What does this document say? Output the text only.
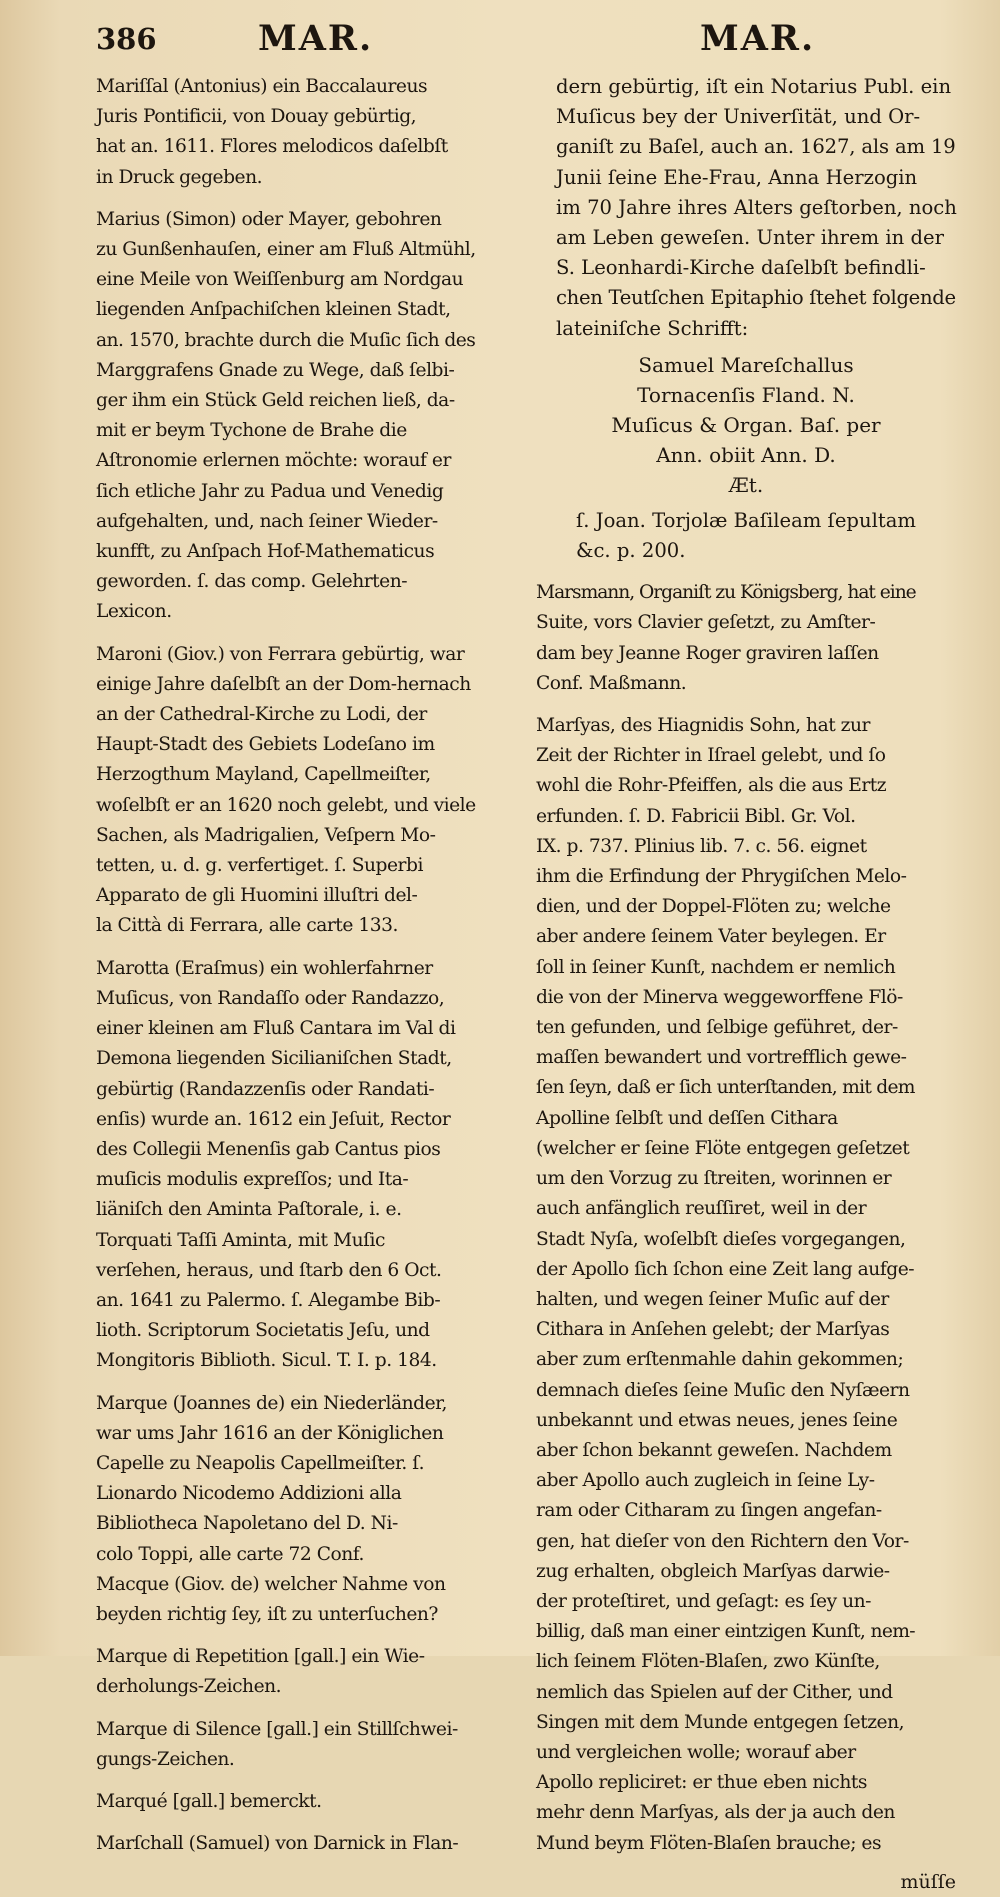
386	MAR.	MAR.
Mariſſal (Antonius) ein Baccalaureus
Juris Pontificii, von Douay gebürtig,
hat an. 1611. Flores melodicos daſelbſt
in Druck gegeben.
Marius (Simon) oder Mayer, gebohren
zu Gunßenhauſen, einer am Fluß Altmühl,
eine Meile von Weiſſenburg am Nordgau
liegenden Anſpachiſchen kleinen Stadt,
an. 1570, brachte durch die Muſic ſich des
Marggrafens Gnade zu Wege, daß ſelbi-
ger ihm ein Stück Geld reichen ließ, da-
mit er beym Tychone de Brahe die
Aſtronomie erlernen möchte: worauf er
ſich etliche Jahr zu Padua und Venedig
aufgehalten, und, nach ſeiner Wieder-
kunfft, zu Anſpach Hof-Mathematicus
geworden. ſ. das comp. Gelehrten-
Lexicon.
Maroni (Giov.) von Ferrara gebürtig, war
einige Jahre daſelbſt an der Dom-hernach
an der Cathedral-Kirche zu Lodi, der
Haupt-Stadt des Gebiets Lodeſano im
Herzogthum Mayland, Capellmeiſter,
woſelbſt er an 1620 noch gelebt, und viele
Sachen, als Madrigalien, Veſpern Mo-
tetten, u. d. g. verfertiget. ſ. Superbi
Apparato de gli Huomini illuſtri del-
la Città di Ferrara, alle carte 133.
Marotta (Eraſmus) ein wohlerfahrner
Muſicus, von Randaſſo oder Randazzo,
einer kleinen am Fluß Cantara im Val di
Demona liegenden Sicilianiſchen Stadt,
gebürtig (Randazzenſis oder Randati-
enſis) wurde an. 1612 ein Jeſuit, Rector
des Collegii Menenſis gab Cantus pios
muſicis modulis expreſſos; und Ita-
liäniſch den Aminta Paſtorale, i. e.
Torquati Taſſi Aminta, mit Muſic
verſehen, heraus, und ſtarb den 6 Oct.
an. 1641 zu Palermo. ſ. Alegambe Bib-
lioth. Scriptorum Societatis Jeſu, und
Mongitoris Biblioth. Sicul. T. I. p. 184.
Marque (Joannes de) ein Niederländer,
war ums Jahr 1616 an der Königlichen
Capelle zu Neapolis Capellmeiſter. ſ.
Lionardo Nicodemo Addizioni alla
Bibliotheca Napoletano del D. Ni-
colo Toppi, alle carte 72 Conf.
Macque (Giov. de) welcher Nahme von
beyden richtig ſey, iſt zu unterſuchen?
Marque di Repetition [gall.] ein Wie-
derholungs-Zeichen.
Marque di Silence [gall.] ein Stillſchwei-
gungs-Zeichen.
Marqué [gall.] bemerckt.
Marſchall (Samuel) von Darnick in Flan-
dern gebürtig, iſt ein Notarius Publ. ein
Muſicus bey der Univerſität, und Or-
ganiſt zu Baſel, auch an. 1627, als am 19
Junii ſeine Ehe-Frau, Anna Herzogin
im 70 Jahre ihres Alters geſtorben, noch
am Leben geweſen. Unter ihrem in der
S. Leonhardi-Kirche daſelbſt befindli-
chen Teutſchen Epitaphio ſtehet folgende
lateiniſche Schrifft:
Samuel Mareſchallus
Tornacenſis Fland. N.
Muſicus & Organ. Baſ. per
Ann. obiit Ann. D.
Æt.
ſ. Joan. Torjolæ Baſileam ſepultam
&c. p. 200.
Marsmann, Organiſt zu Königsberg, hat eine
Suite, vors Clavier geſetzt, zu Amſter-
dam bey Jeanne Roger graviren laſſen
Conf. Maßmann.
Marſyas, des Hiagnidis Sohn, hat zur
Zeit der Richter in Iſrael gelebt, und ſo
wohl die Rohr-Pfeiffen, als die aus Ertz
erfunden. ſ. D. Fabricii Bibl. Gr. Vol.
IX. p. 737. Plinius lib. 7. c. 56. eignet
ihm die Erfindung der Phrygiſchen Melo-
dien, und der Doppel-Flöten zu; welche
aber andere ſeinem Vater beylegen. Er
ſoll in ſeiner Kunſt, nachdem er nemlich
die von der Minerva weggeworffene Flö-
ten gefunden, und ſelbige geführet, der-
maſſen bewandert und vortrefflich gewe-
ſen ſeyn, daß er ſich unterſtanden, mit dem
Apolline ſelbſt und deſſen Cithara
(welcher er ſeine Flöte entgegen geſetzet
um den Vorzug zu ſtreiten, worinnen er
auch anfänglich reuſſiret, weil in der
Stadt Nyſa, woſelbſt dieſes vorgegangen,
der Apollo ſich ſchon eine Zeit lang aufge-
halten, und wegen ſeiner Muſic auf der
Cithara in Anſehen gelebt; der Marſyas
aber zum erſtenmahle dahin gekommen;
demnach dieſes ſeine Muſic den Nyſæern
unbekannt und etwas neues, jenes ſeine
aber ſchon bekannt geweſen. Nachdem
aber Apollo auch zugleich in ſeine Ly-
ram oder Citharam zu ſingen angefan-
gen, hat dieſer von den Richtern den Vor-
zug erhalten, obgleich Marſyas darwie-
der proteſtiret, und geſagt: es ſey un-
billig, daß man einer eintzigen Kunſt, nem-
lich ſeinem Flöten-Blaſen, zwo Künſte,
nemlich das Spielen auf der Cither, und
Singen mit dem Munde entgegen ſetzen,
und vergleichen wolle; worauf aber
Apollo repliciret: er thue eben nichts
mehr denn Marſyas, als der ja auch den
Mund beym Flöten-Blaſen brauche; es
müſſe
